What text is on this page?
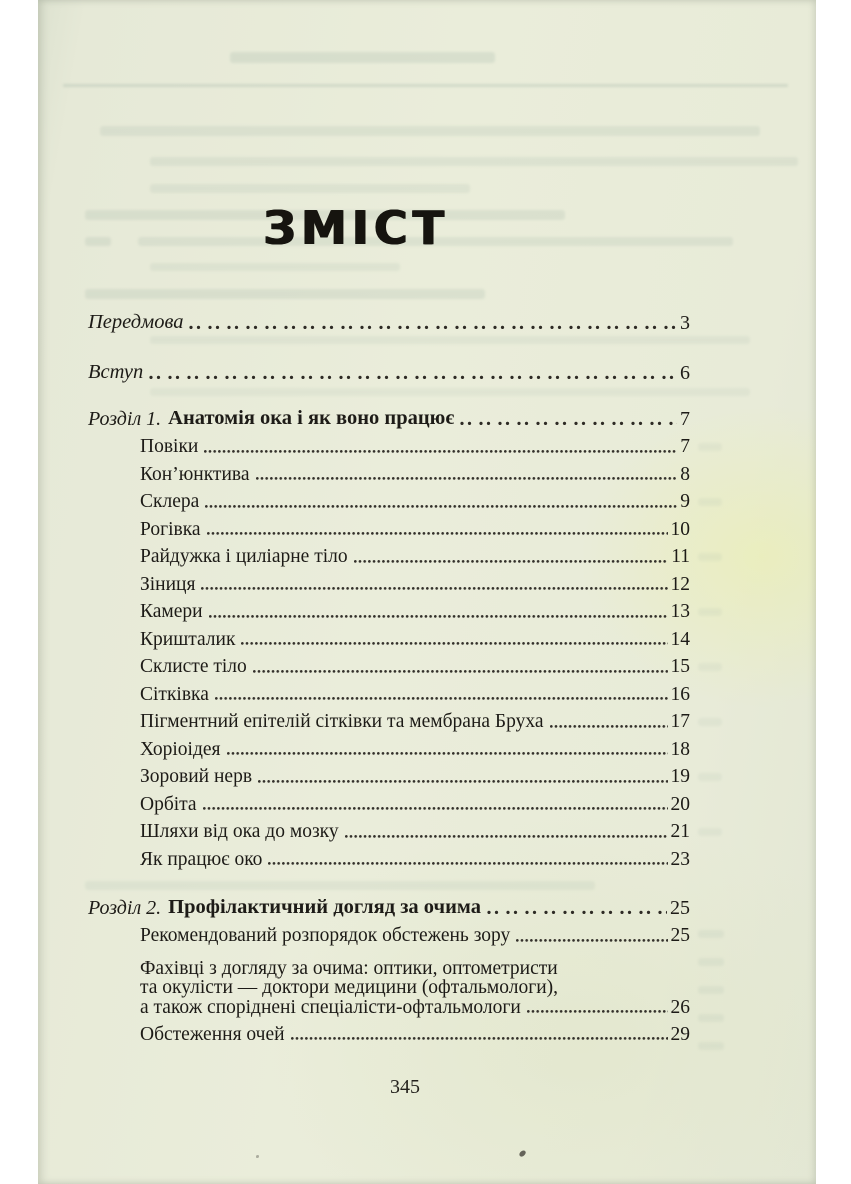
ЗМІСТ
Передмова	3
Вступ	6
Розділ 1. Анатомія ока і як воно працює	7
Повіки	7
Кон’юнктива	8
Склера	9
Рогівка	10
Райдужка і циліарне тіло	11
Зіниця	12
Камери	13
Кришталик	14
Склисте тіло	15
Сітківка	16
Пігментний епітелій сітківки та мембрана Бруха	17
Хоріоідея	18
Зоровий нерв	19
Орбіта	20
Шляхи від ока до мозку	21
Як працює око	23
Розділ 2. Профілактичний догляд за очима	25
Рекомендований розпорядок обстежень зору	25
Фахівці з догляду за очима: оптики, оптометристи
та окулісти — доктори медицини (офтальмологи),
а також споріднені спеціалісти-офтальмологи	26
Обстеження очей	29
345
